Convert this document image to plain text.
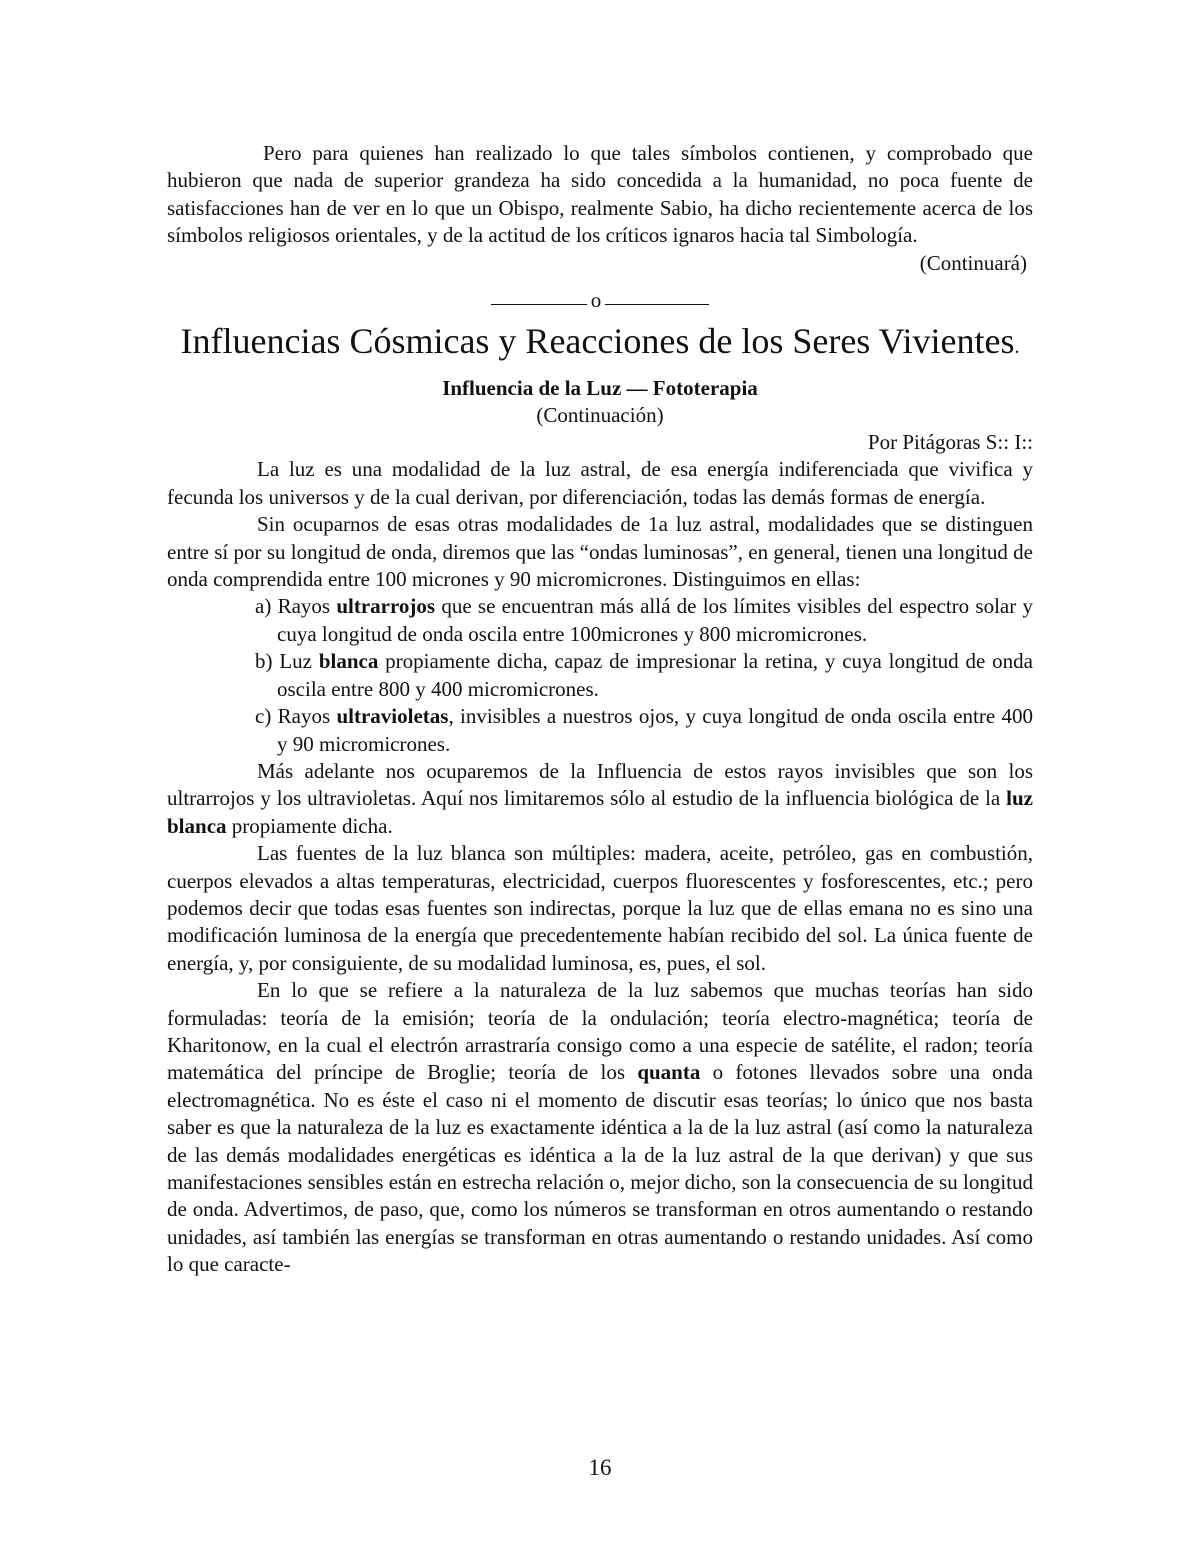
Pero para quienes han realizado lo que tales símbolos contienen, y comprobado que hubieron que nada de superior grandeza ha sido concedida a la humanidad, no poca fuente de satisfacciones han de ver en lo que un Obispo, realmente Sabio, ha dicho recientemente acerca de los símbolos religiosos orientales, y de la actitud de los críticos ignaros hacia tal Simbología.

(Continuará)

o
Influencias Cósmicas y Reacciones de los Seres Vivientes.

Influencia de la Luz — Fototerapia

(Continuación)

Por Pitágoras S:: I::

La luz es una modalidad de la luz astral, de esa energía indiferenciada que vivifica y fecunda los universos y de la cual derivan, por diferenciación, todas las demás formas de energía.

Sin ocuparnos de esas otras modalidades de 1a luz astral, modalidades que se distinguen entre sí por su longitud de onda, diremos que las “ondas luminosas”, en general, tienen una longitud de onda comprendida entre 100 micrones y 90 micromicrones. Distinguimos en ellas:

a) Rayos ultrarrojos que se encuentran más allá de los límites visibles del espectro solar y cuya longitud de onda oscila entre 100micrones y 800 micromicrones.

b) Luz blanca propiamente dicha, capaz de impresionar la retina, y cuya longitud de onda oscila entre 800 y 400 micromicrones.

c) Rayos ultravioletas, invisibles a nuestros ojos, y cuya longitud de onda oscila entre 400 y 90 micromicrones.

Más adelante nos ocuparemos de la Influencia de estos rayos invisibles que son los ultrarrojos y los ultravioletas. Aquí nos limitaremos sólo al estudio de la influencia biológica de la luz blanca propiamente dicha.

Las fuentes de la luz blanca son múltiples: madera, aceite, petróleo, gas en combustión, cuerpos elevados a altas temperaturas, electricidad, cuerpos fluorescentes y fosforescentes, etc.; pero podemos decir que todas esas fuentes son indirectas, porque la luz que de ellas emana no es sino una modificación luminosa de la energía que precedentemente habían recibido del sol. La única fuente de energía, y, por consiguiente, de su modalidad luminosa, es, pues, el sol.

En lo que se refiere a la naturaleza de la luz sabemos que muchas teorías han sido formuladas: teoría de la emisión; teoría de la ondulación; teoría electro-magnética; teoría de Kharitonow, en la cual el electrón arrastraría consigo como a una especie de satélite, el radon; teoría matemática del príncipe de Broglie; teoría de los quanta o fotones llevados sobre una onda electromagnética. No es éste el caso ni el momento de discutir esas teorías; lo único que nos basta saber es que la naturaleza de la luz es exactamente idéntica a la de la luz astral (así como la naturaleza de las demás modalidades energéticas es idéntica a la de la luz astral de la que derivan) y que sus manifestaciones sensibles están en estrecha relación o, mejor dicho, son la consecuencia de su longitud de onda. Advertimos, de paso, que, como los números se transforman en otros aumentando o restando unidades, así también las energías se transforman en otras aumentando o restando unidades. Así como lo que caracte-

16
